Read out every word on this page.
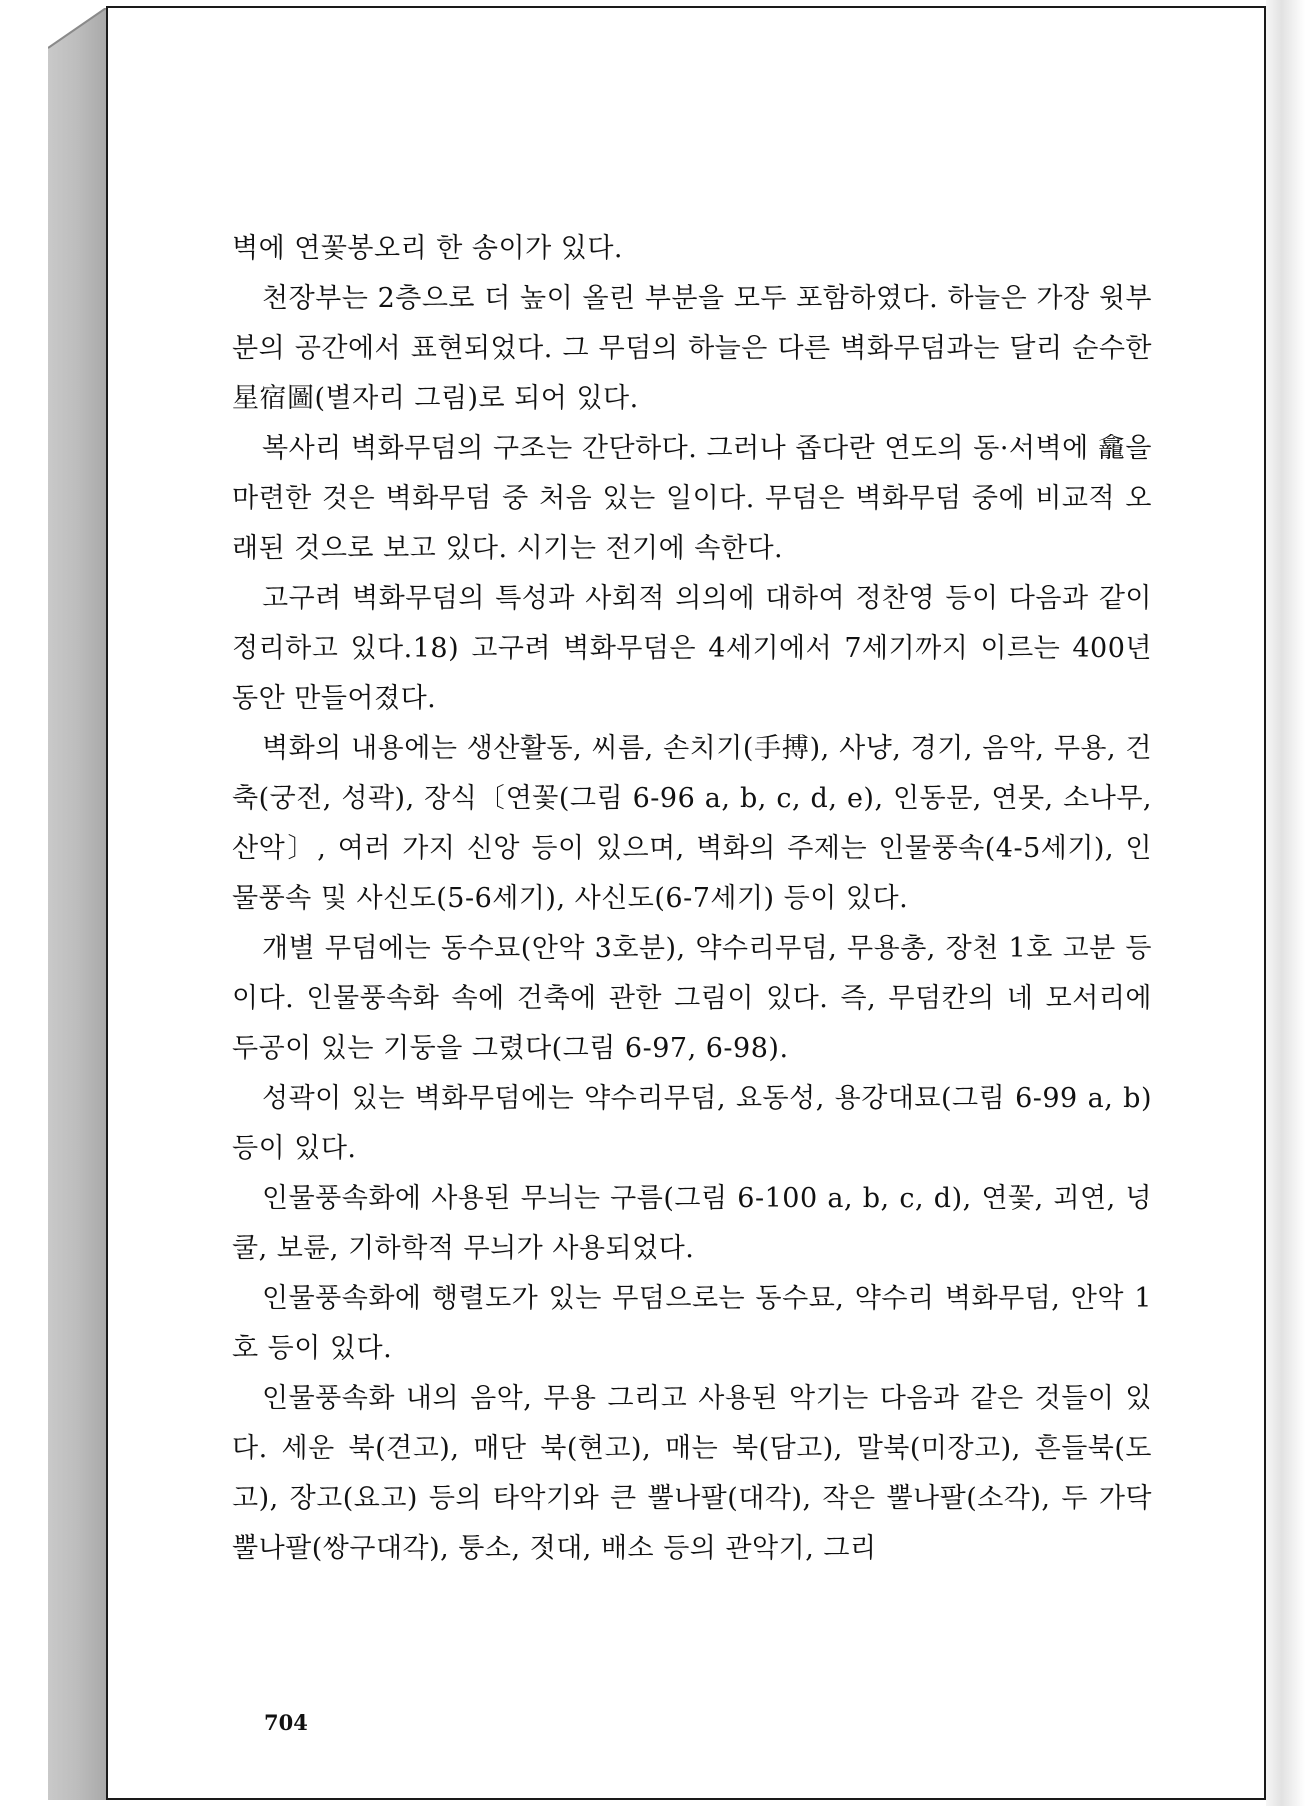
벽에 연꽃봉오리 한 송이가 있다.

천장부는 2층으로 더 높이 올린 부분을 모두 포함하였다. 하늘은 가장 윗부분의 공간에서 표현되었다. 그 무덤의 하늘은 다른 벽화무덤과는 달리 순수한 星宿圖(별자리 그림)로 되어 있다.

복사리 벽화무덤의 구조는 간단하다. 그러나 좁다란 연도의 동·서벽에 龕을 마련한 것은 벽화무덤 중 처음 있는 일이다. 무덤은 벽화무덤 중에 비교적 오래된 것으로 보고 있다. 시기는 전기에 속한다.

고구려 벽화무덤의 특성과 사회적 의의에 대하여 정찬영 등이 다음과 같이 정리하고 있다.18) 고구려 벽화무덤은 4세기에서 7세기까지 이르는 400년 동안 만들어졌다.

벽화의 내용에는 생산활동, 씨름, 손치기(手搏), 사냥, 경기, 음악, 무용, 건축(궁전, 성곽), 장식〔연꽃(그림 6-96 a, b, c, d, e), 인동문, 연못, 소나무, 산악〕, 여러 가지 신앙 등이 있으며, 벽화의 주제는 인물풍속(4-5세기), 인물풍속 및 사신도(5-6세기), 사신도(6-7세기) 등이 있다.

개별 무덤에는 동수묘(안악 3호분), 약수리무덤, 무용총, 장천 1호 고분 등이다. 인물풍속화 속에 건축에 관한 그림이 있다. 즉, 무덤칸의 네 모서리에 두공이 있는 기둥을 그렸다(그림 6-97, 6-98).

성곽이 있는 벽화무덤에는 약수리무덤, 요동성, 용강대묘(그림 6-99 a, b) 등이 있다.

인물풍속화에 사용된 무늬는 구름(그림 6-100 a, b, c, d), 연꽃, 괴연, 넝쿨, 보륜, 기하학적 무늬가 사용되었다.

인물풍속화에 행렬도가 있는 무덤으로는 동수묘, 약수리 벽화무덤, 안악 1호 등이 있다.

인물풍속화 내의 음악, 무용 그리고 사용된 악기는 다음과 같은 것들이 있다. 세운 북(견고), 매단 북(현고), 매는 북(담고), 말북(미장고), 흔들북(도고), 장고(요고) 등의 타악기와 큰 뿔나팔(대각), 작은 뿔나팔(소각), 두 가닥 뿔나팔(쌍구대각), 퉁소, 젓대, 배소 등의 관악기, 그리

704
